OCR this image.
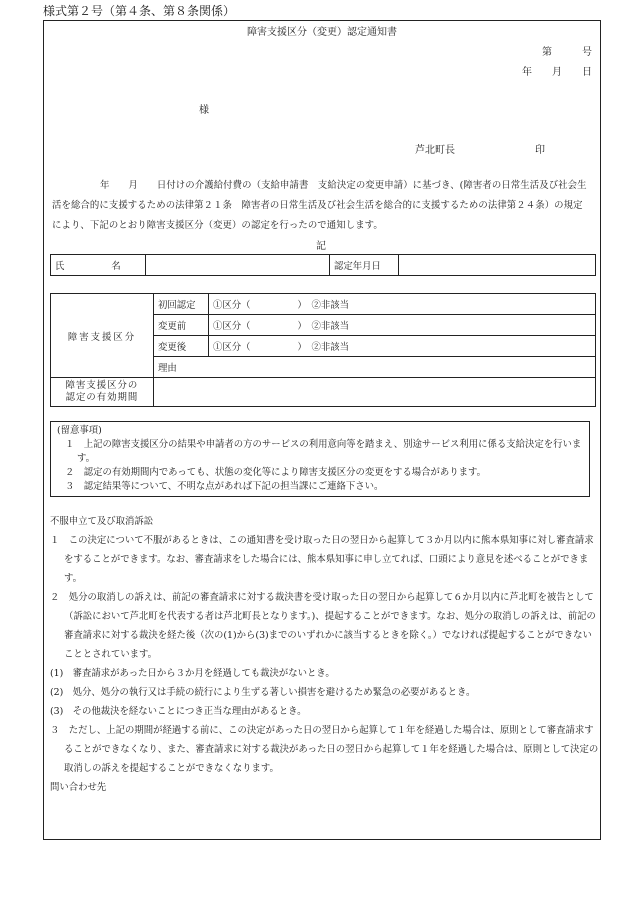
様式第２号（第４条、第８条関係）
障害支援区分（変更）認定通知書
第　　　号
年　　月　　日
様
芦北町長	印
年　　月　　日付けの介護給付費の（支給申請書　支給決定の変更申請）に基づき、(障害者の日常生活及び社会生活を総合的に支援するための法律第２１条　障害者の日常生活及び社会生活を総合的に支援するための法律第２４条）の規定により、下記のとおり障害支援区分（変更）の認定を行ったので通知します。
記
氏　　　　　名		認定年月日	
障害支援区分	初回認定	①区分（　　　　　）　 ②非該当
	変更前	①区分（　　　　　）　 ②非該当
	変更後	①区分（　　　　　）　 ②非該当
	理由	

障害支援区分の
認定の有効期間		

(留意事項)
１　上記の障害支援区分の結果や申請者の方のサービスの利用意向等を踏まえ、別途サービス利用に係る支給決定を行います。
２　認定の有効期間内であっても、状態の変化等により障害支援区分の変更をする場合があります。
３　認定結果等について、不明な点があれば下記の担当課にご連絡下さい。
不服申立て及び取消訴訟
１　この決定について不服があるときは、この通知書を受け取った日の翌日から起算して３か月以内に熊本県知事に対し審査請求をすることができます。なお、審査請求をした場合には、熊本県知事に申し立てれば、口頭により意見を述べることができます。
２　処分の取消しの訴えは、前記の審査請求に対する裁決書を受け取った日の翌日から起算して６か月以内に芦北町を被告として（訴訟において芦北町を代表する者は芦北町長となります。)、提起することができます。なお、処分の取消しの訴えは、前記の審査請求に対する裁決を経た後（次の(1)から(3)までのいずれかに該当するときを除く。）でなければ提起することができないこととされています。
(1)　審査請求があった日から３か月を経過しても裁決がないとき。
(2)　処分、処分の執行又は手続の続行により生ずる著しい損害を避けるため緊急の必要があるとき。
(3)　その他裁決を経ないことにつき正当な理由があるとき。
３　ただし、上記の期間が経過する前に、この決定があった日の翌日から起算して１年を経過した場合は、原則として審査請求することができなくなり、また、審査請求に対する裁決があった日の翌日から起算して１年を経過した場合は、原則として決定の取消しの訴えを提起することができなくなります。
問い合わせ先
